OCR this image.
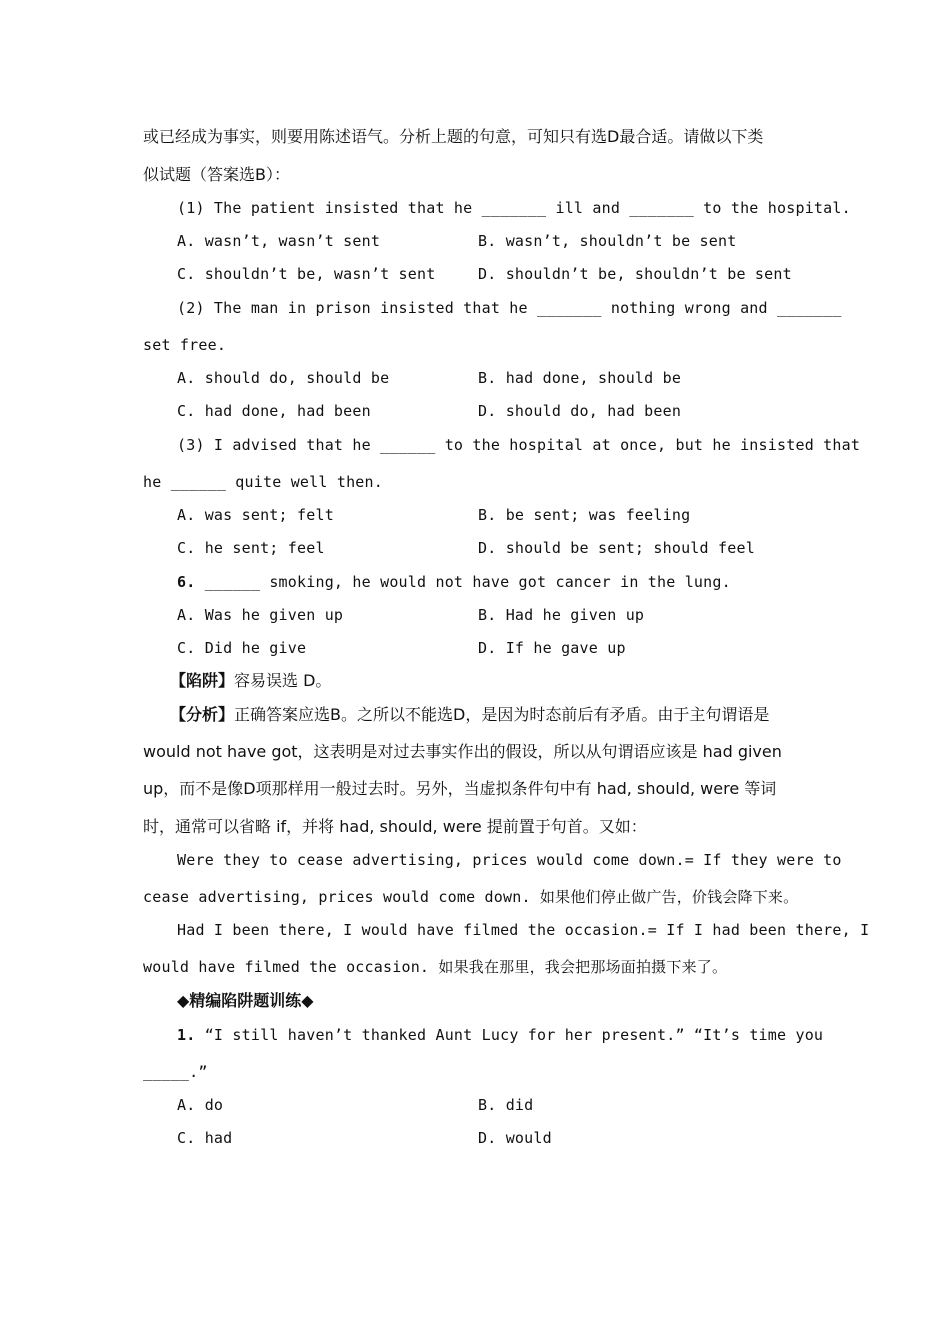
或已经成为事实，则要用陈述语气。分析上题的句意，可知只有选D最合适。请做以下类
似试题（答案选B）：
(1) The patient insisted that he _______ ill and _______ to the hospital.
A. wasn’t, wasn’t sent	B. wasn’t, shouldn’t be sent
C. shouldn’t be, wasn’t sent	D. shouldn’t be, shouldn’t be sent
(2) The man in prison insisted that he _______ nothing wrong and _______
set free.
A. should do, should be	B. had done, should be
C. had done, had been	D. should do, had been
(3) I advised that he ______ to the hospital at once, but he insisted that
he ______ quite well then.
A. was sent; felt	B. be sent; was feeling
C. he sent; feel	D. should be sent; should feel
6. ______ smoking, he would not have got cancer in the lung.
A. Was he given up	B. Had he given up
C. Did he give	D. If he gave up
【陷阱】容易误选 D。
【分析】正确答案应选B。之所以不能选D，是因为时态前后有矛盾。由于主句谓语是
would not have got，这表明是对过去事实作出的假设，所以从句谓语应该是 had given
up，而不是像D项那样用一般过去时。另外，当虚拟条件句中有 had, should, were 等词
时，通常可以省略 if，并将 had, should, were 提前置于句首。又如：
Were they to cease advertising, prices would come down.= If they were to
cease advertising, prices would come down. 如果他们停止做广告，价钱会降下来。
Had I been there, I would have filmed the occasion.= If I had been there, I
would have filmed the occasion. 如果我在那里，我会把那场面拍摄下来了。
◆精编陷阱题训练◆
1. “I still haven’t thanked Aunt Lucy for her present.” “It’s time you
_____.”
A. do	B. did
C. had	D. would
